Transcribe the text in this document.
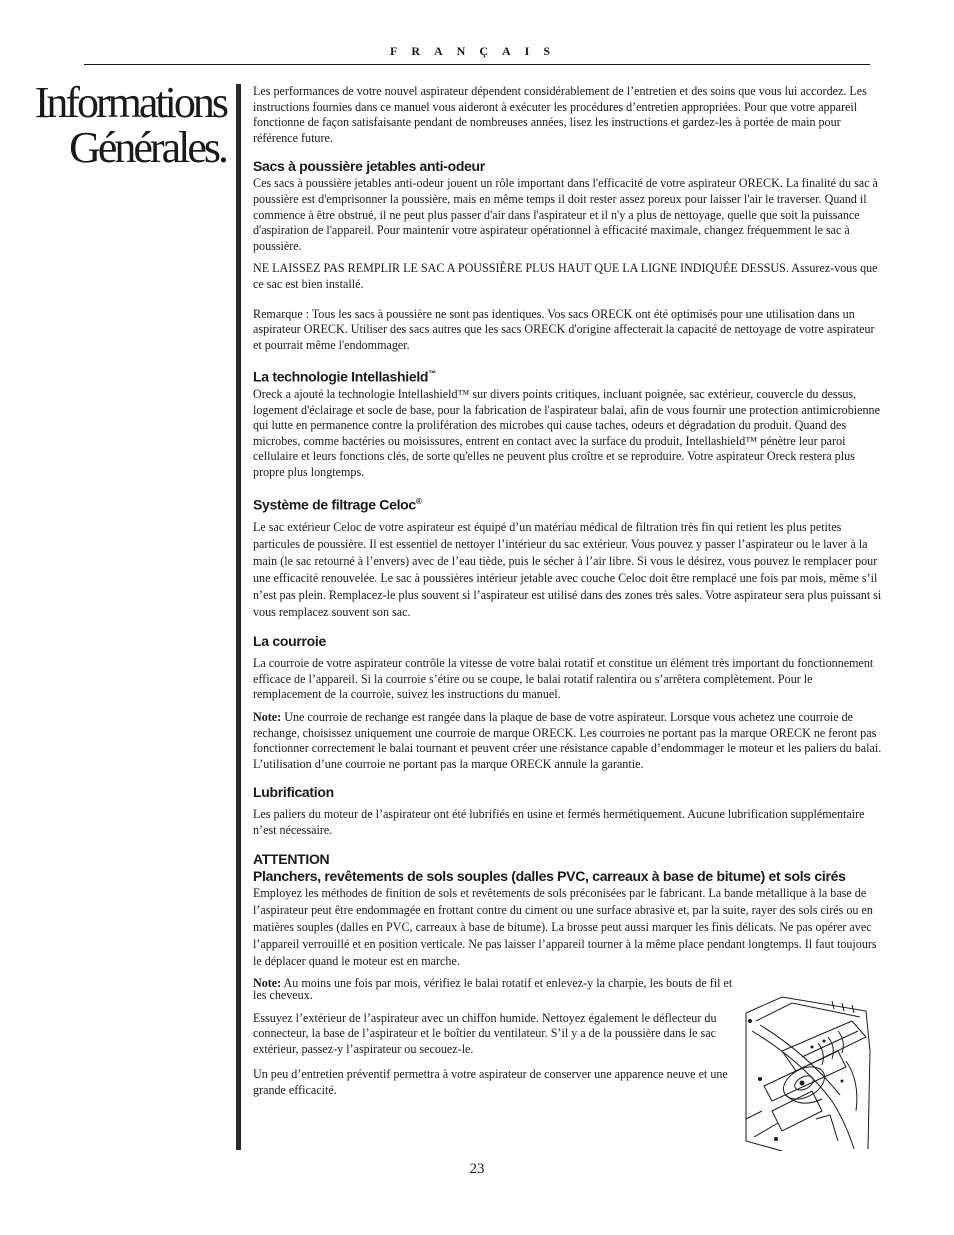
FRANÇAIS
Informations
Générales.

Les performances de votre nouvel aspirateur dépendent considérablement de l’entretien et des soins que vous lui accordez. Les instructions fournies dans ce manuel vous aideront à exécuter les procédures d’entretien appropriées. Pour que votre appareil fonctionne de façon satisfaisante pendant de nombreuses années, lisez les instructions et gardez-les à portée de main pour référence future.

Sacs à poussière jetables anti-odeur

Ces sacs à poussière jetables anti-odeur jouent un rôle important dans l'efficacité de votre aspirateur ORECK. La finalité du sac à poussière est d'emprisonner la poussière, mais en même temps il doit rester assez poreux pour laisser l'air le traverser. Quand il commence à être obstrué, il ne peut plus passer d'air dans l'aspirateur et il n'y a plus de nettoyage, quelle que soit la puissance d'aspiration de l'appareil. Pour maintenir votre aspirateur opérationnel à efficacité maximale, changez fréquemment le sac à poussière.

NE LAISSEZ PAS REMPLIR LE SAC A POUSSIÈRE PLUS HAUT QUE LA LIGNE INDIQUÉE DESSUS. Assurez-vous que ce sac est bien installé.

Remarque : Tous les sacs à poussière ne sont pas identiques. Vos sacs ORECK ont été optimisés pour une utilisation dans un aspirateur ORECK. Utiliser des sacs autres que les sacs ORECK d'origine affecterait la capacité de nettoyage de votre aspirateur et pourrait même l'endommager.

La technologie Intellashield™

Oreck a ajouté la technologie Intellashield™ sur divers points critiques, incluant poignée, sac extérieur, couvercle du dessus, logement d'éclairage et socle de base, pour la fabrication de l'aspirateur balai, afin de vous fournir une protection antimicrobienne qui lutte en permanence contre la prolifération des microbes qui cause taches, odeurs et dégradation du produit. Quand des microbes, comme bactéries ou moisissures, entrent en contact avec la surface du produit, Intellashield™ pénètre leur paroi cellulaire et leurs fonctions clés, de sorte qu'elles ne peuvent plus croître et se reproduire. Votre aspirateur Oreck restera plus propre plus longtemps.

Système de filtrage Celoc®

Le sac extérieur Celoc de votre aspirateur est équipé d’un matériau médical de filtration très fin qui retient les plus petites particules de poussière. Il est essentiel de nettoyer l’intérieur du sac extérieur. Vous pouvez y passer l’aspirateur ou le laver à la main (le sac retourné à l’envers) avec de l’eau tiède, puis le sécher à l’air libre. Si vous le désirez, vous pouvez le remplacer pour une efficacité renouvelée. Le sac à poussières intérieur jetable avec couche Celoc doit être remplacé une fois par mois, même s’il n’est pas plein. Remplacez-le plus souvent si l’aspirateur est utilisé dans des zones très sales. Votre aspirateur sera plus puissant si vous remplacez souvent son sac.

La courroie

La courroie de votre aspirateur contrôle la vitesse de votre balai rotatif et constitue un élément très important du fonctionnement efficace de l’appareil. Si la courroie s’étire ou se coupe, le balai rotatif ralentira ou s’arrêtera complètement. Pour le remplacement de la courroie, suivez les instructions du manuel.

Note: Une courroie de rechange est rangée dans la plaque de base de votre aspirateur. Lorsque vous achetez une courroie de rechange, choisissez uniquement une courroie de marque ORECK. Les courroies ne portant pas la marque ORECK ne feront pas fonctionner correctement le balai tournant et peuvent créer une résistance capable d’endommager le moteur et les paliers du balai. L’utilisation d’une courroie ne portant pas la marque ORECK annule la garantie.

Lubrification

Les paliers du moteur de l’aspirateur ont été lubrifiés en usine et fermés hermétiquement. Aucune lubrification supplémentaire n’est nécessaire.

ATTENTION
Planchers, revêtements de sols souples (dalles PVC, carreaux à base de bitume) et sols cirés

Employez les méthodes de finition de sols et revêtements de sols préconisées par le fabricant. La bande métallique à la base de l’aspirateur peut être endommagée en frottant contre du ciment ou une surface abrasive et, par la suite, rayer des sols cirés ou en matières souples (dalles en PVC, carreaux à base de bitume). La brosse peut aussi marquer les finis délicats. Ne pas opérer avec l’appareil verrouillé et en position verticale. Ne pas laisser l’appareil tourner à la même place pendant longtemps. Il faut toujours le déplacer quand le moteur est en marche.

Note: Au moins une fois par mois, vérifiez le balai rotatif et enlevez-y la charpie, les bouts de fil et les cheveux.

Essuyez l’extérieur de l’aspirateur avec un chiffon humide. Nettoyez également le déflecteur du connecteur, la base de l’aspirateur et le boîtier du ventilateur. S’il y a de la poussière dans le sac extérieur, passez-y l’aspirateur ou secouez-le.

Un peu d’entretien préventif permettra à votre aspirateur de conserver une apparence neuve et une grande efficacité.

23
